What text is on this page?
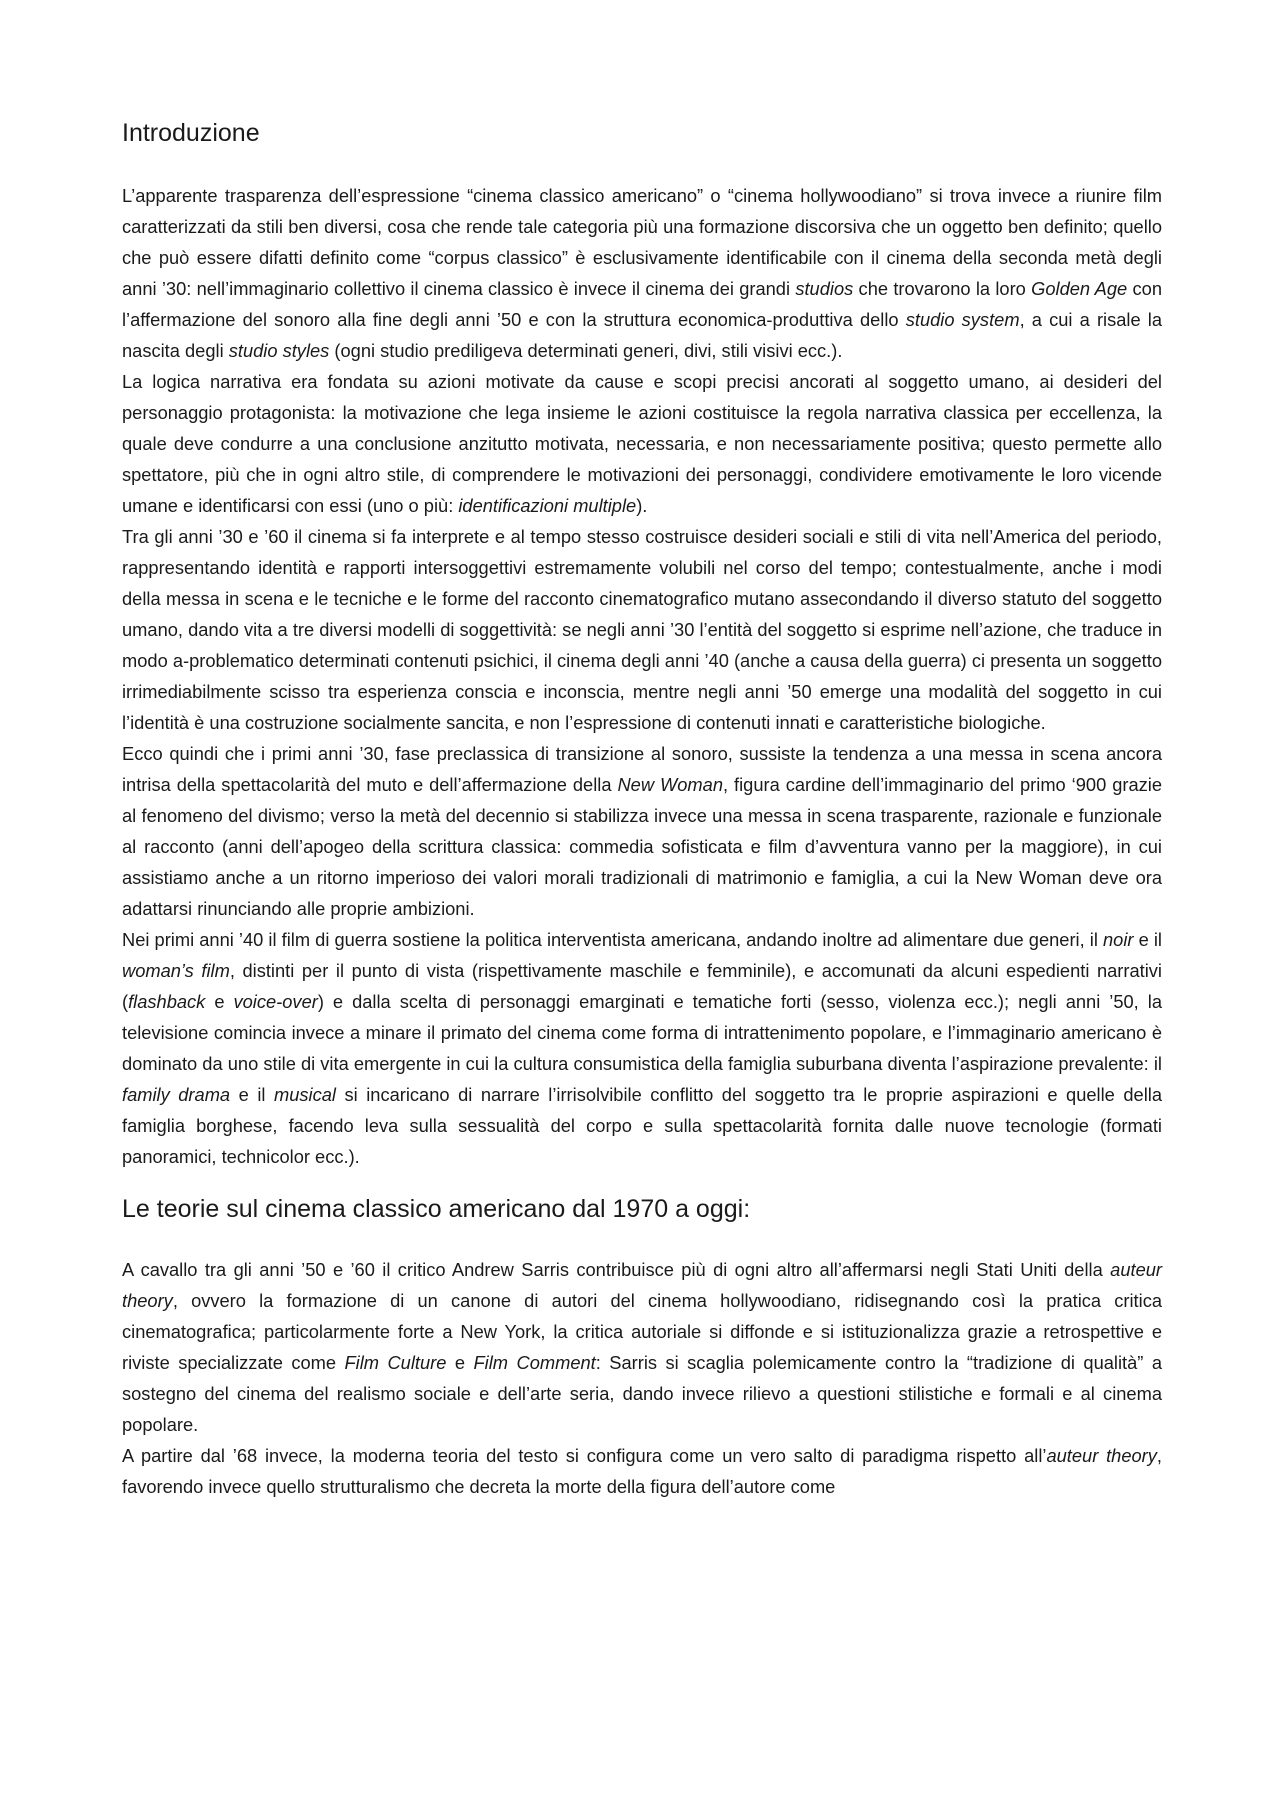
Introduzione

L’apparente trasparenza dell’espressione “cinema classico americano” o “cinema hollywoodiano” si trova invece a riunire film caratterizzati da stili ben diversi, cosa che rende tale categoria più una formazione discorsiva che un oggetto ben definito; quello che può essere difatti definito come “corpus classico” è esclusivamente identificabile con il cinema della seconda metà degli anni ’30: nell’immaginario collettivo il cinema classico è invece il cinema dei grandi studios che trovarono la loro Golden Age con l’affermazione del sonoro alla fine degli anni ’50 e con la struttura economica-produttiva dello studio system, a cui a risale la nascita degli studio styles (ogni studio prediligeva determinati generi, divi, stili visivi ecc.).

La logica narrativa era fondata su azioni motivate da cause e scopi precisi ancorati al soggetto umano, ai desideri del personaggio protagonista: la motivazione che lega insieme le azioni costituisce la regola narrativa classica per eccellenza, la quale deve condurre a una conclusione anzitutto motivata, necessaria, e non necessariamente positiva; questo permette allo spettatore, più che in ogni altro stile, di comprendere le motivazioni dei personaggi, condividere emotivamente le loro vicende umane e identificarsi con essi (uno o più: identificazioni multiple).

Tra gli anni ’30 e ’60 il cinema si fa interprete e al tempo stesso costruisce desideri sociali e stili di vita nell’America del periodo, rappresentando identità e rapporti intersoggettivi estremamente volubili nel corso del tempo; contestualmente, anche i modi della messa in scena e le tecniche e le forme del racconto cinematografico mutano assecondando il diverso statuto del soggetto umano, dando vita a tre diversi modelli di soggettività: se negli anni ’30 l’entità del soggetto si esprime nell’azione, che traduce in modo a-problematico determinati contenuti psichici, il cinema degli anni ’40 (anche a causa della guerra) ci presenta un soggetto irrimediabilmente scisso tra esperienza conscia e inconscia, mentre negli anni ’50 emerge una modalità del soggetto in cui l’identità è una costruzione socialmente sancita, e non l’espressione di contenuti innati e caratteristiche biologiche.

Ecco quindi che i primi anni ’30, fase preclassica di transizione al sonoro, sussiste la tendenza a una messa in scena ancora intrisa della spettacolarità del muto e dell’affermazione della New Woman, figura cardine dell’immaginario del primo ‘900 grazie al fenomeno del divismo; verso la metà del decennio si stabilizza invece una messa in scena trasparente, razionale e funzionale al racconto (anni dell’apogeo della scrittura classica: commedia sofisticata e film d’avventura vanno per la maggiore), in cui assistiamo anche a un ritorno imperioso dei valori morali tradizionali di matrimonio e famiglia, a cui la New Woman deve ora adattarsi rinunciando alle proprie ambizioni.

Nei primi anni ’40 il film di guerra sostiene la politica interventista americana, andando inoltre ad alimentare due generi, il noir e il woman’s film, distinti per il punto di vista (rispettivamente maschile e femminile), e accomunati da alcuni espedienti narrativi (flashback e voice-over) e dalla scelta di personaggi emarginati e tematiche forti (sesso, violenza ecc.); negli anni ’50, la televisione comincia invece a minare il primato del cinema come forma di intrattenimento popolare, e l’immaginario americano è dominato da uno stile di vita emergente in cui la cultura consumistica della famiglia suburbana diventa l’aspirazione prevalente: il family drama e il musical si incaricano di narrare l’irrisolvibile conflitto del soggetto tra le proprie aspirazioni e quelle della famiglia borghese, facendo leva sulla sessualità del corpo e sulla spettacolarità fornita dalle nuove tecnologie (formati panoramici, technicolor ecc.).

Le teorie sul cinema classico americano dal 1970 a oggi:

A cavallo tra gli anni ’50 e ’60 il critico Andrew Sarris contribuisce più di ogni altro all’affermarsi negli Stati Uniti della auteur theory, ovvero la formazione di un canone di autori del cinema hollywoodiano, ridisegnando così la pratica critica cinematografica; particolarmente forte a New York, la critica autoriale si diffonde e si istituzionalizza grazie a retrospettive e riviste specializzate come Film Culture e Film Comment: Sarris si scaglia polemicamente contro la “tradizione di qualità” a sostegno del cinema del realismo sociale e dell’arte seria, dando invece rilievo a questioni stilistiche e formali e al cinema popolare.

A partire dal ’68 invece, la moderna teoria del testo si configura come un vero salto di paradigma rispetto all’auteur theory, favorendo invece quello strutturalismo che decreta la morte della figura dell’autore come
